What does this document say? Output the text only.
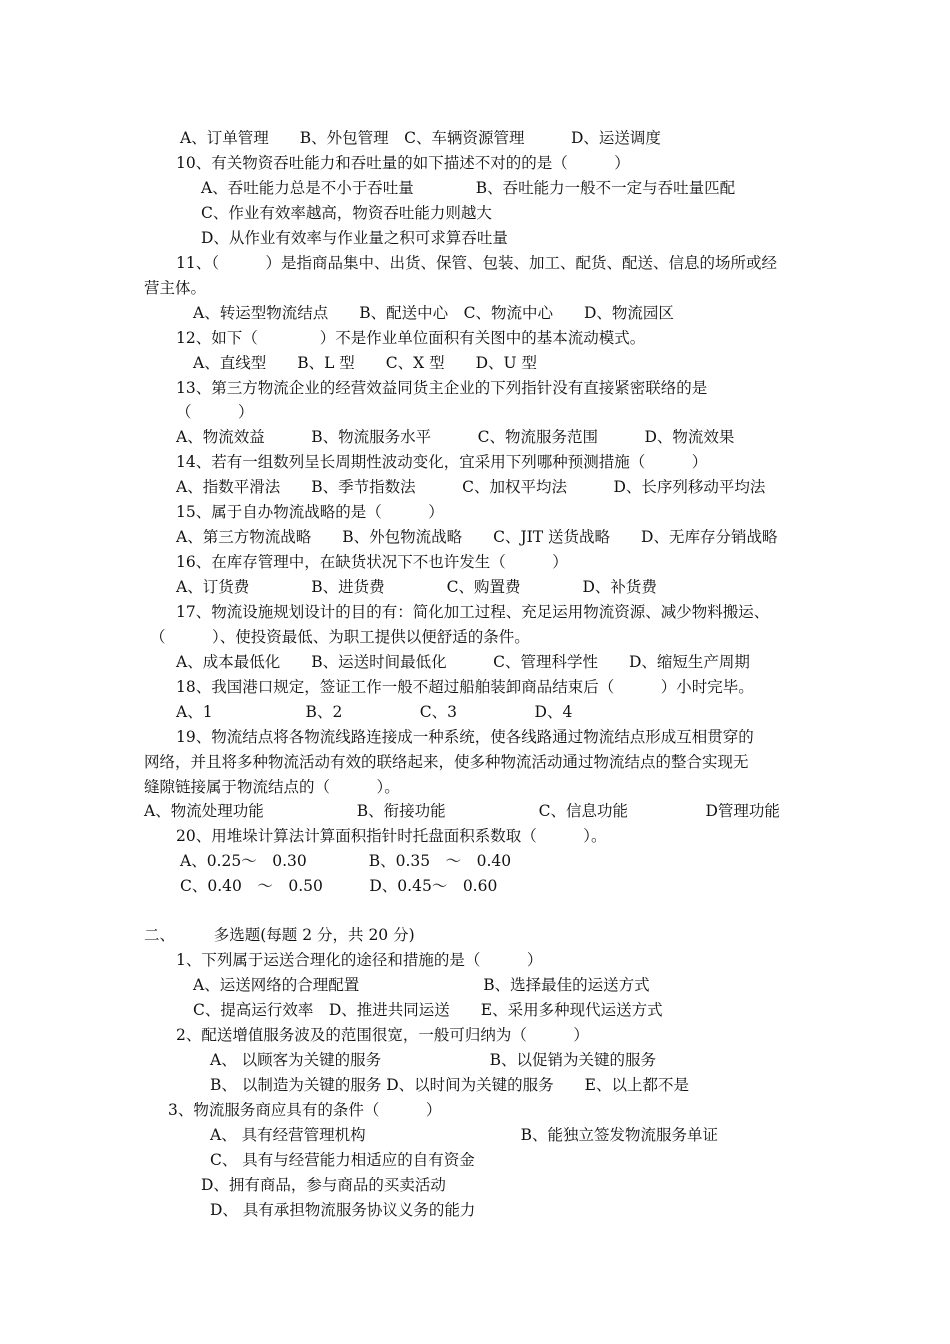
A、订单管理　　B、外包管理　C、车辆资源管理　　　D、运送调度
10、有关物资吞吐能力和吞吐量的如下描述不对的的是（　　　）
A、吞吐能力总是不小于吞吐量　　　　B、吞吐能力一般不一定与吞吐量匹配
C、作业有效率越高，物资吞吐能力则越大
D、从作业有效率与作业量之积可求算吞吐量
11、（　　　）是指商品集中、出货、保管、包装、加工、配货、配送、信息的场所或经
营主体。
A、转运型物流结点　　B、配送中心　C、物流中心　　D、物流园区
12、如下（　　　　）不是作业单位面积有关图中的基本流动模式。
A、直线型　　B、L 型　　C、X 型　　D、U 型
13、第三方物流企业的经营效益同货主企业的下列指针没有直接紧密联络的是
（　　　）
A、物流效益　　　B、物流服务水平　　　C、物流服务范围　　　D、物流效果
14、若有一组数列呈长周期性波动变化，宜采用下列哪种预测措施（　　　）
A、指数平滑法　　B、季节指数法　　　C、加权平均法　　　D、长序列移动平均法
15、属于自办物流战略的是（　　　）
A、第三方物流战略　　B、外包物流战略　　C、JIT 送货战略　　D、无库存分销战略
16、在库存管理中，在缺货状况下不也许发生（　　　）
A、订货费　　　　B、进货费　　　　C、购置费　　　　D、补货费
17、物流设施规划设计的目的有：简化加工过程、充足运用物流资源、减少物料搬运、
（　　　）、使投资最低、为职工提供以便舒适的条件。
A、成本最低化　　B、运送时间最低化　　　C、管理科学性　　D、缩短生产周期
18、我国港口规定，签证工作一般不超过船舶装卸商品结束后（　　　）小时完毕。
A、1　　　　　　B、2　　　　　C、3　　　　　D、4
19、物流结点将各物流线路连接成一种系统，使各线路通过物流结点形成互相贯穿的
网络，并且将多种物流活动有效的联络起来，使多种物流活动通过物流结点的整合实现无
缝隙链接属于物流结点的（　　　）。
A、物流处理功能　　　　　　B、衔接功能　　　　　　C、信息功能　　　　　D管理功能
20、用堆垛计算法计算面积指针时托盘面积系数取（　　　）。
A、0.25～　0.30　　　　B、0.35　～　0.40
C、0.40　～　0.50　　　D、0.45～　0.60
二、　　　多选题(每题 2 分，共 20 分)
1、下列属于运送合理化的途径和措施的是（　　　）
A、运送网络的合理配置　　　　　　　　B、选择最佳的运送方式
C、提高运行效率　D、推进共同运送　　E、采用多种现代运送方式
2、配送增值服务波及的范围很宽，一般可归纳为（　　　）
A、 以顾客为关键的服务　　　　　　　B、以促销为关键的服务
B、 以制造为关键的服务 D、以时间为关键的服务　　E、以上都不是
3、物流服务商应具有的条件（　　　）
A、 具有经营管理机构　　　　　　　　　　B、能独立签发物流服务单证
C、 具有与经营能力相适应的自有资金
D、拥有商品，参与商品的买卖活动
D、 具有承担物流服务协议义务的能力
